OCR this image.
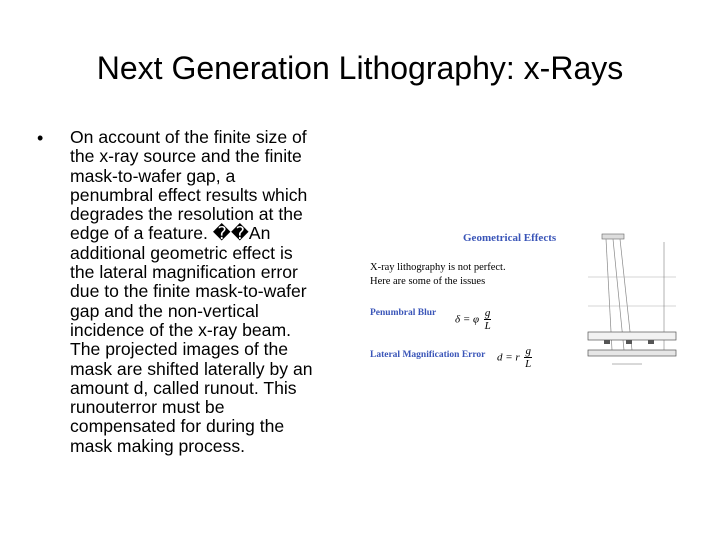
Next Generation Lithography: x-Rays
• On account of the finite size of
the x-ray source and the finite
mask-to-wafer gap, a
penumbral effect results which
degrades the resolution at the
edge of a feature. ��An
additional geometric effect is
the lateral magnification error
due to the finite mask-to-wafer
gap and the non-vertical
incidence of the x-ray beam.
The projected images of the
mask are shifted laterally by an
amount d, called runout. This
runouterror must be
compensated for during the
mask making process.
Geometrical Effects
X-ray lithography is not perfect.
Here are some of the issues
Penumbral Blur
δ = φ $\frac{g}{L}$
Lateral Magnification Error d = r $\frac{g}{L}$
